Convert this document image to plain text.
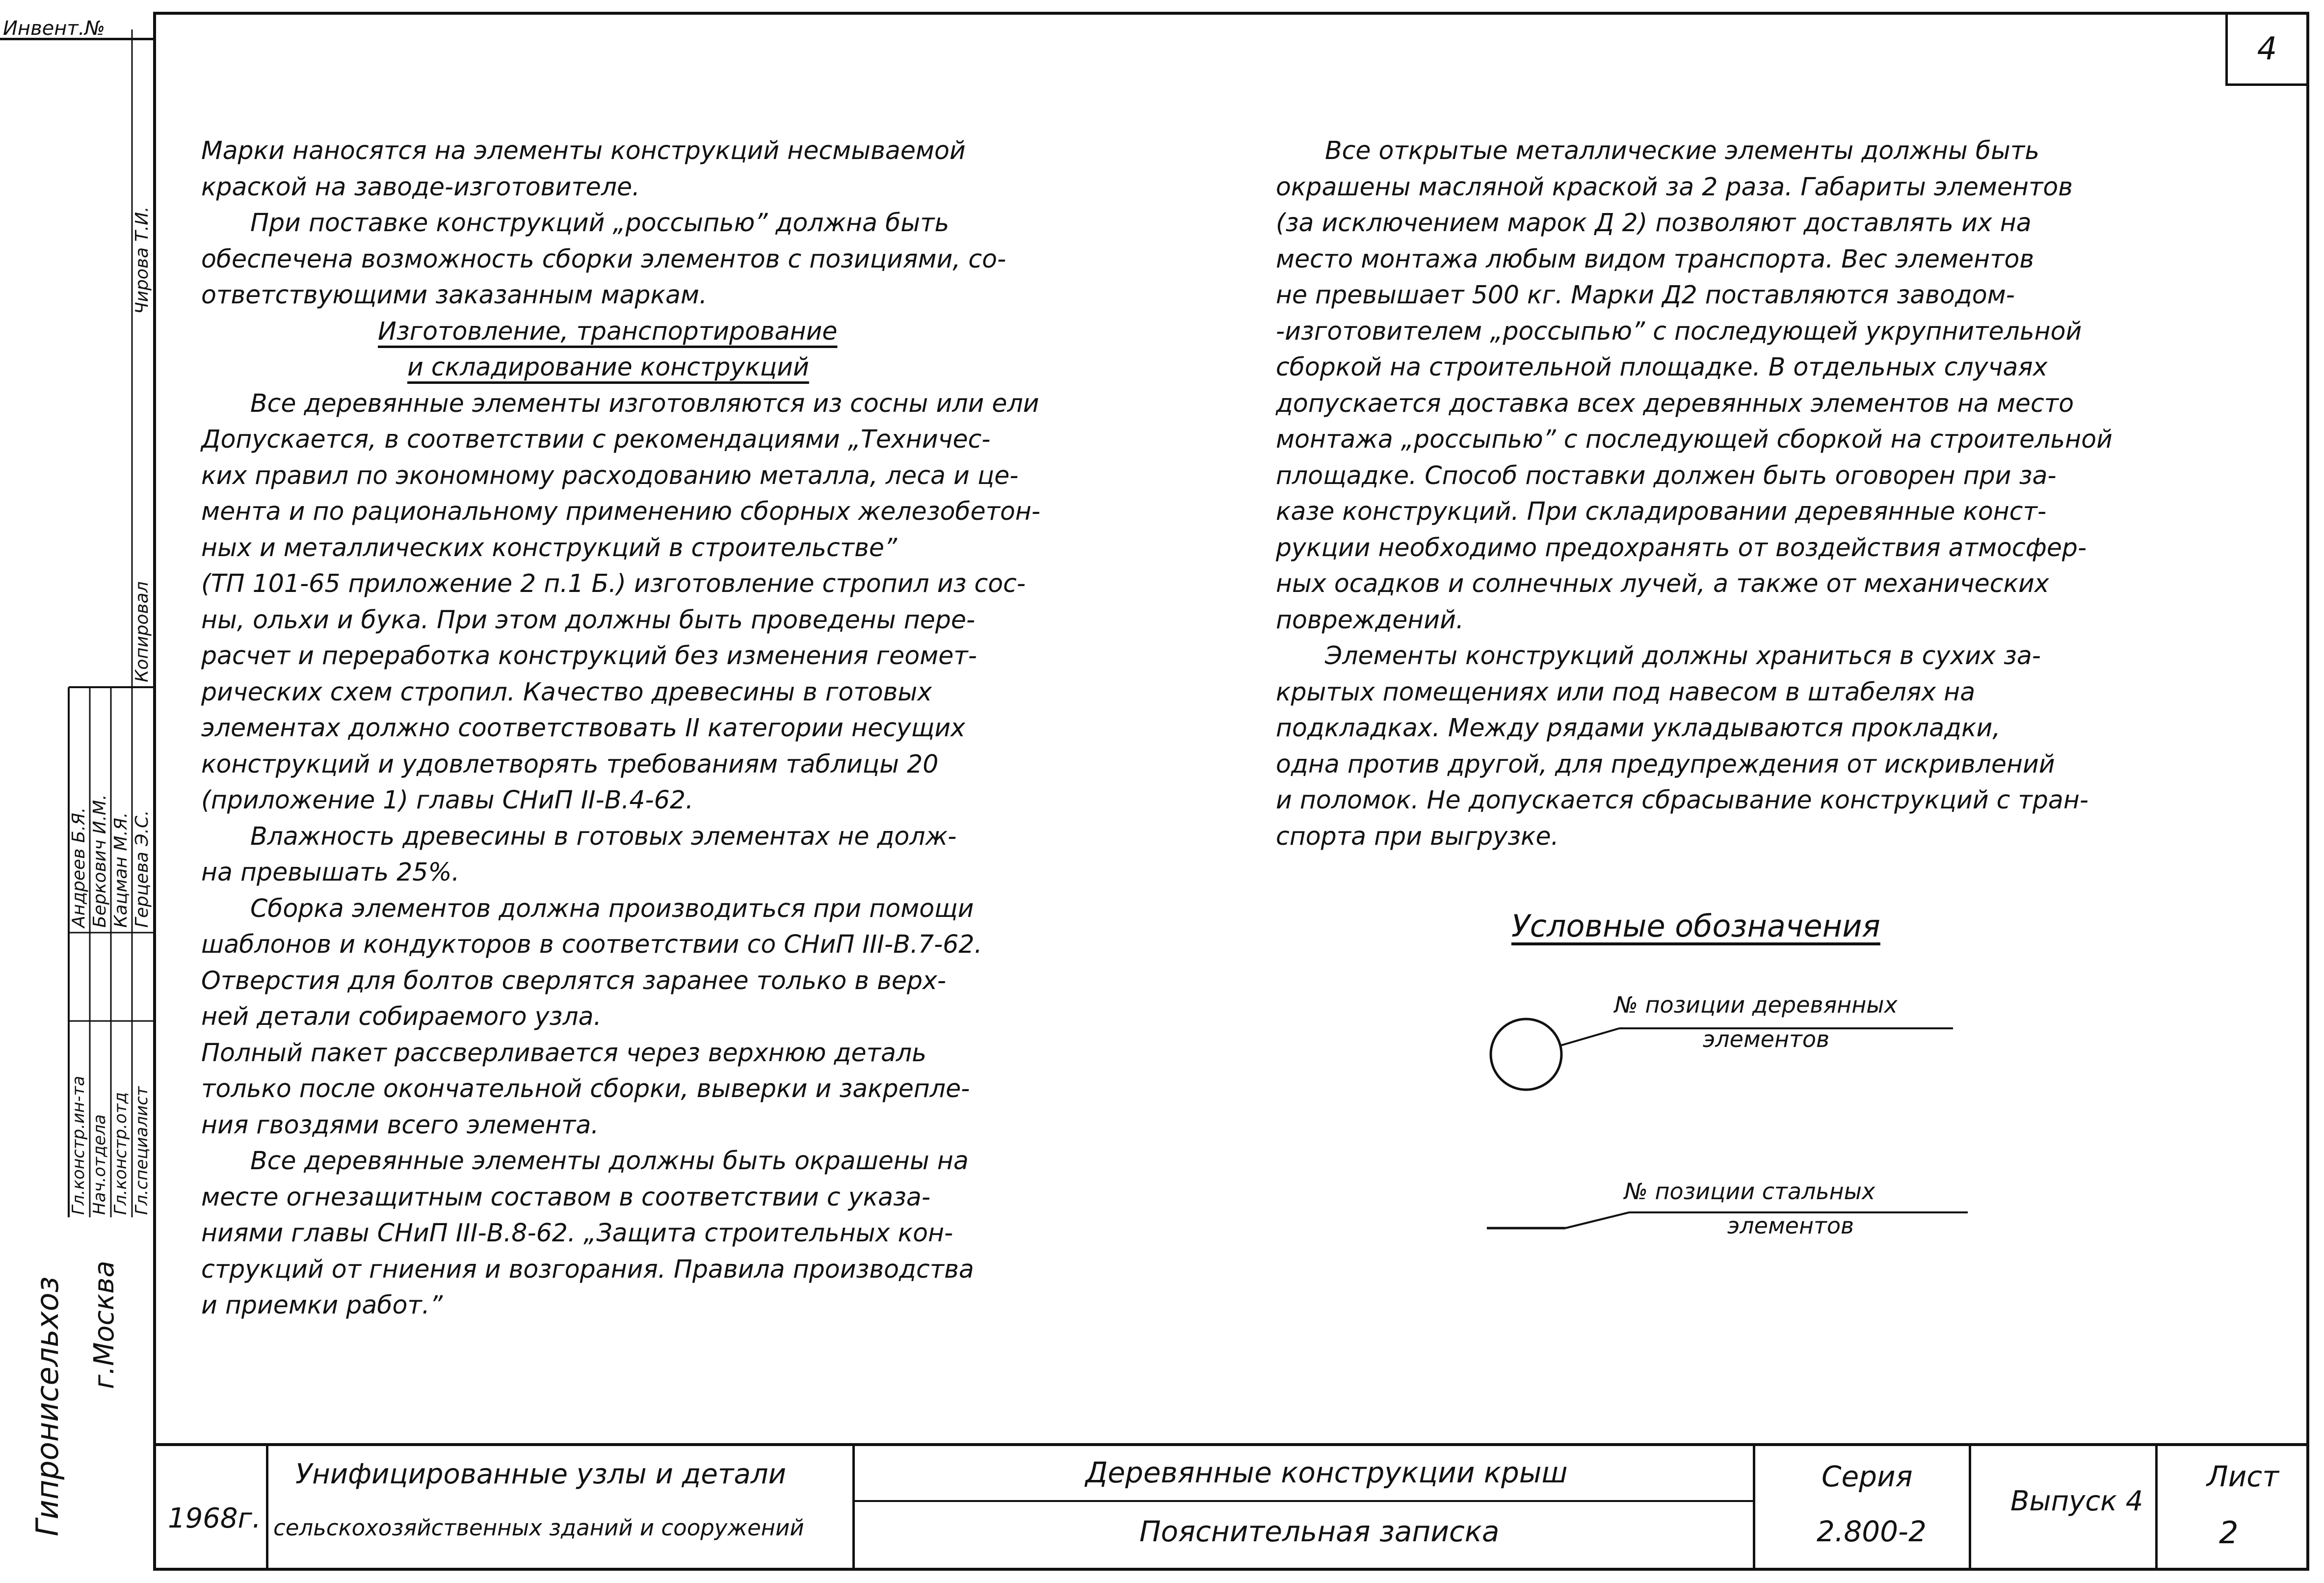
4

Марки наносятся на элементы конструкций несмываемой

краской на заводе-изготовителе.

При поставке конструкций „россыпью” должна быть

обеспечена возможность сборки элементов с позициями, со-

ответствующими заказанным маркам.

Изготовление, транспортирование

и складирование конструкций

Все деревянные элементы изготовляются из сосны или ели

Допускается, в соответствии с рекомендациями „Техничес-

ких правил по экономному расходованию металла, леса и це-

мента и по рациональному применению сборных железобетон-

ных и металлических конструкций в строительстве”

(ТП 101-65 приложение 2 п.1 Б.) изготовление стропил из сос-

ны, ольхи и бука. При этом должны быть проведены пере-

расчет и переработка конструкций без изменения геомет-

рических схем стропил. Качество древесины в готовых

элементах должно соответствовать II категории несущих

конструкций и удовлетворять требованиям таблицы 20

(приложение 1) главы СНиП II-В.4-62.

Влажность древесины в готовых элементах не долж-

на превышать 25%.

Сборка элементов должна производиться при помощи

шаблонов и кондукторов в соответствии со СНиП III-В.7-62.

Отверстия для болтов сверлятся заранее только в верх-

ней детали собираемого узла.

Полный пакет рассверливается через верхнюю деталь

только после окончательной сборки, выверки и закрепле-

ния гвоздями всего элемента.

Все деревянные элементы должны быть окрашены на

месте огнезащитным составом в соответствии с указа-

ниями главы СНиП III-В.8-62. „Защита строительных кон-

струкций от гниения и возгорания. Правила производства

и приемки работ.”

Все открытые металлические элементы должны быть

окрашены масляной краской за 2 раза. Габариты элементов

(за исключением марок Д 2) позволяют доставлять их на

место монтажа любым видом транспорта. Вес элементов

не превышает 500 кг. Марки Д2 поставляются заводом-

-изготовителем „россыпью” с последующей укрупнительной

сборкой на строительной площадке. В отдельных случаях

допускается доставка всех деревянных элементов на место

монтажа „россыпью” с последующей сборкой на строительной

площадке. Способ поставки должен быть оговорен при за-

казе конструкций. При складировании деревянные конст-

рукции необходимо предохранять от воздействия атмосфер-

ных осадков и солнечных лучей, а также от механических

повреждений.

Элементы конструкций должны храниться в сухих за-

крытых помещениях или под навесом в штабелях на

подкладках. Между рядами укладываются прокладки,

одна против другой, для предупреждения от искривлений

и поломок. Не допускается сбрасывание конструкций с тран-

спорта при выгрузке.

Условные обозначения
№ позиции деревянных
элементов
№ позиции стальных
элементов
Инвент.№
Гл.констр.ин-та Нач.отдела Гл.констр.отд Гл.специалист
Андреев Б.Я. Беркович И.М. Кацман М.Я. Герцева Э.С.
Копировал
Чирова Т.И.
Гипронисельхоз г.Москва
1968г.
Унифицированные узлы и детали
сельскохозяйственных зданий и сооружений
Деревянные конструкции крыш
Пояснительная записка
Серия
2.800-2
Выпуск 4
Лист
2
